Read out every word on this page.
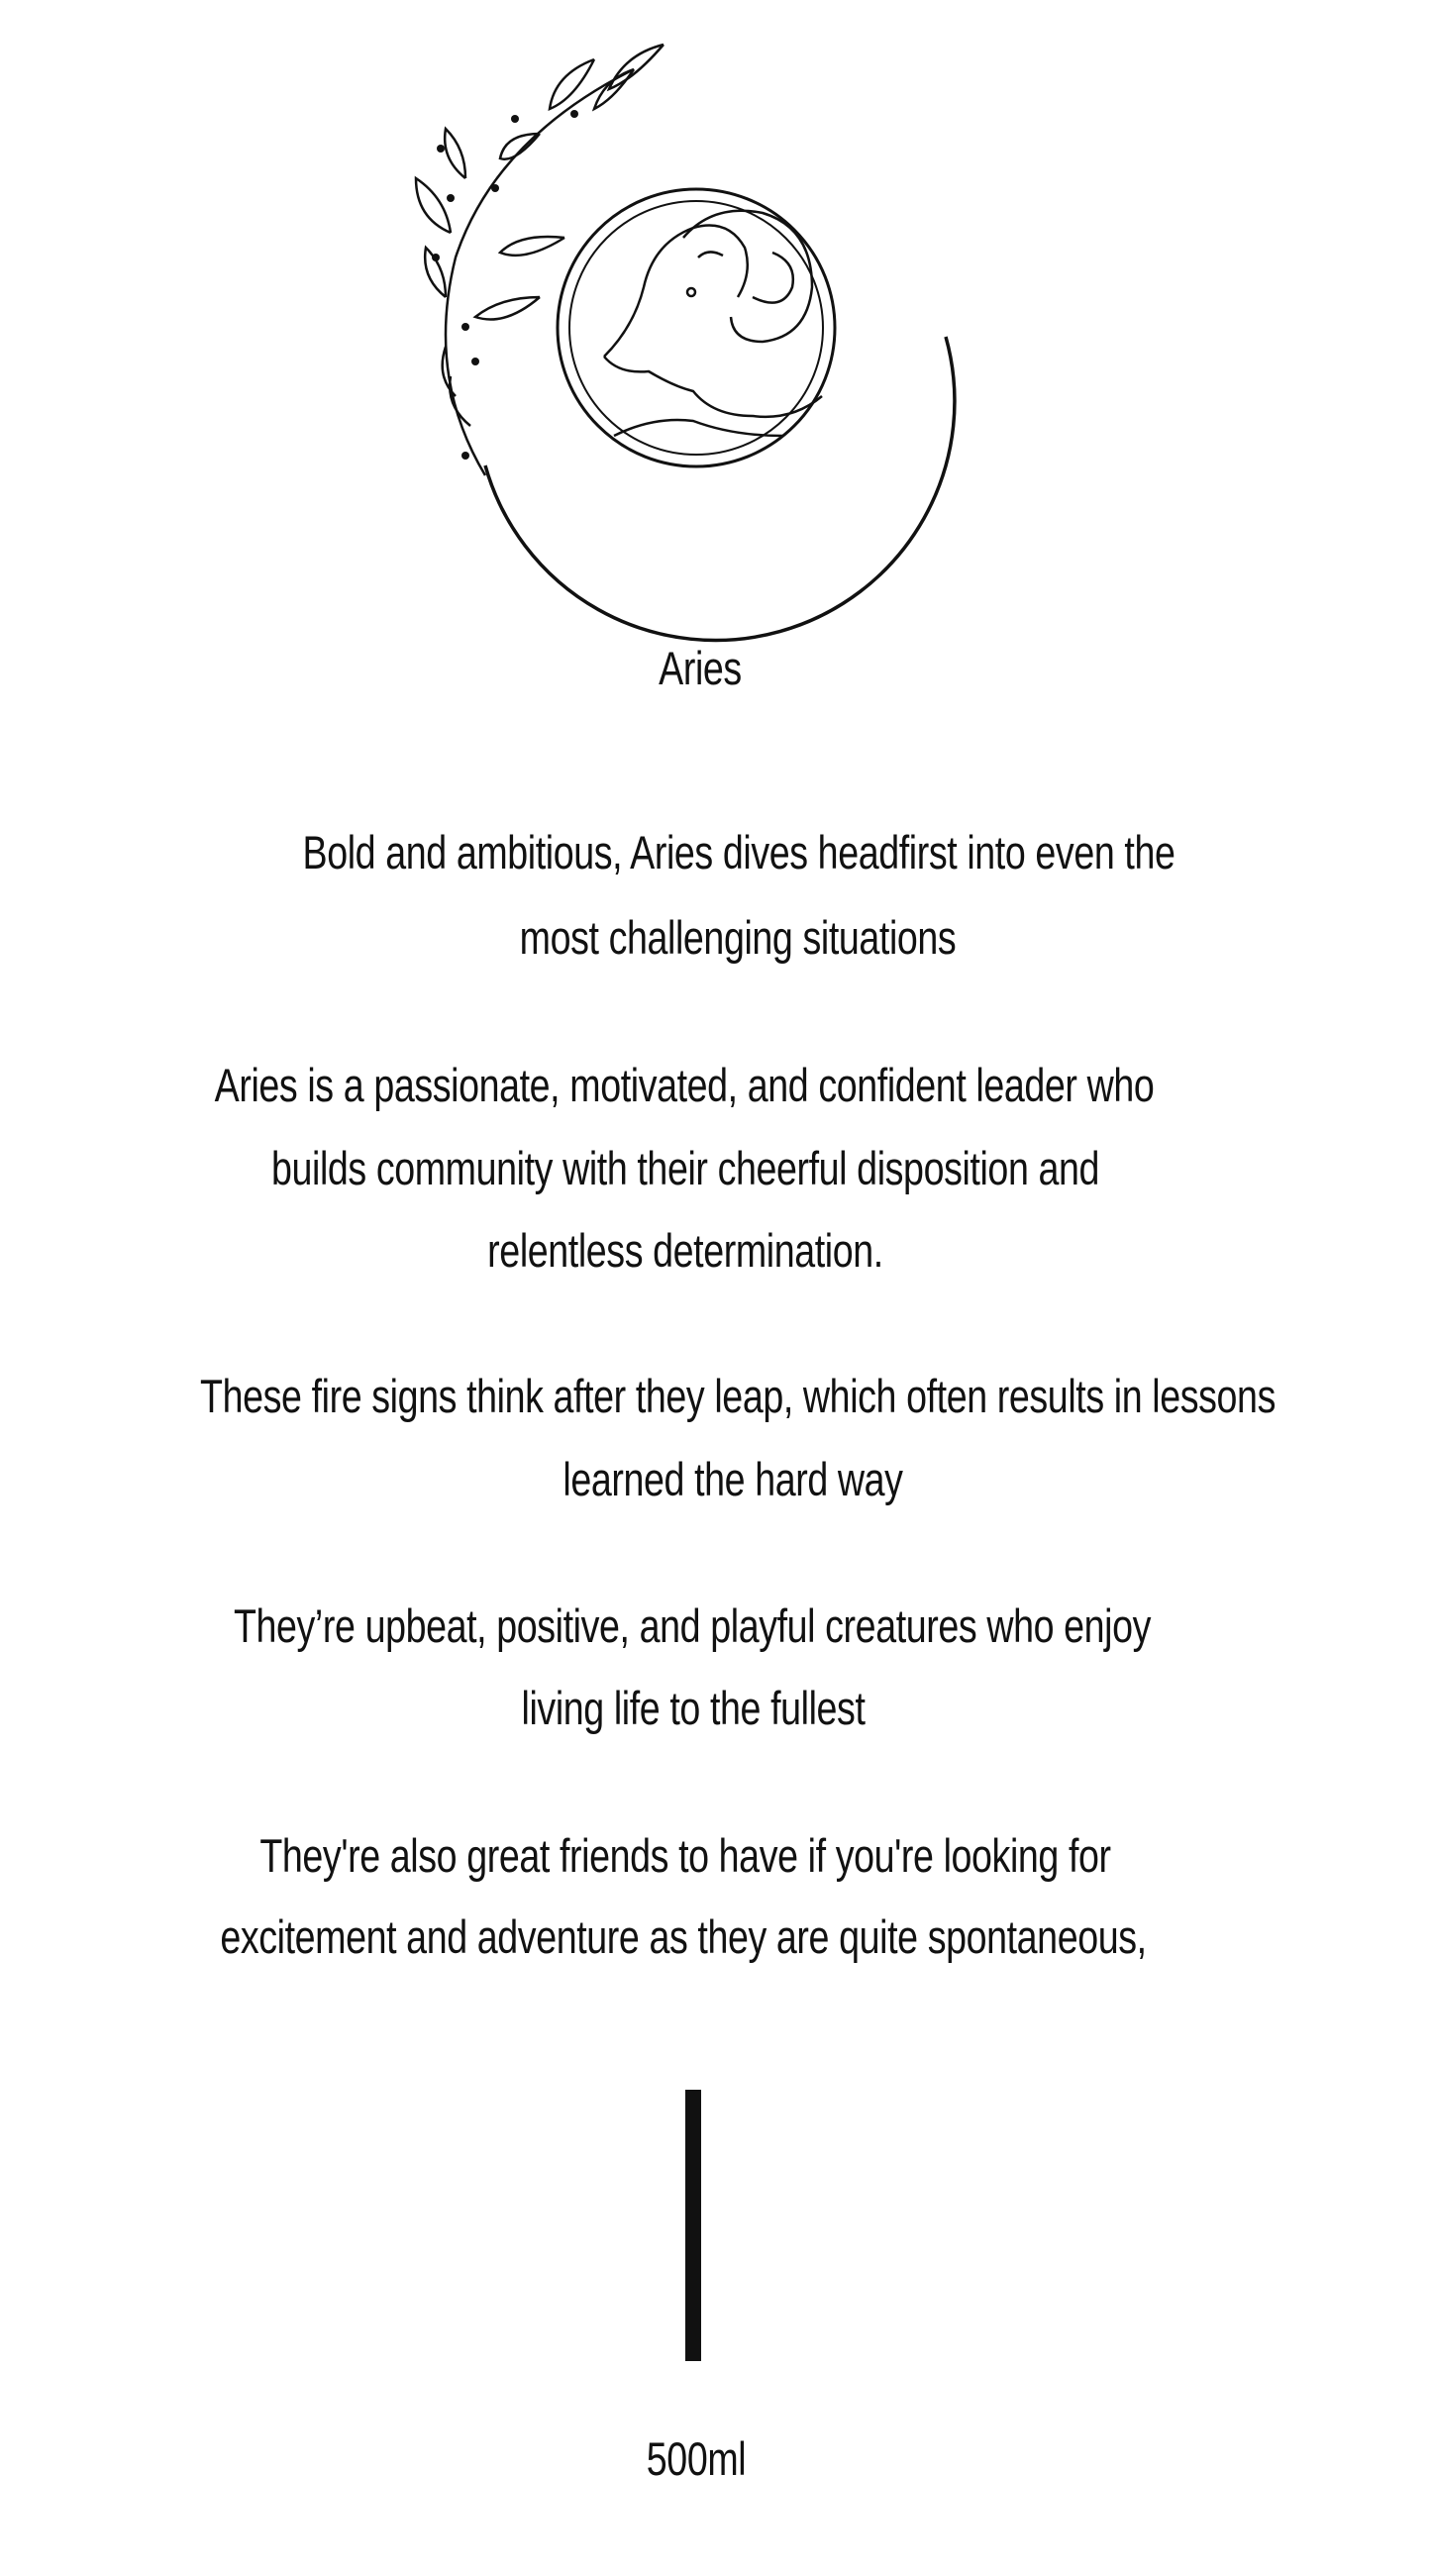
Aries
Bold and ambitious, Aries dives headfirst into even the
most challenging situations
Aries is a passionate, motivated, and confident leader who
builds community with their cheerful disposition and
relentless determination.
These fire signs think after they leap, which often results in lessons
learned the hard way
They’re upbeat, positive, and playful creatures who enjoy
living life to the fullest
They're also great friends to have if you're looking for
excitement and adventure as they are quite spontaneous,
500ml
